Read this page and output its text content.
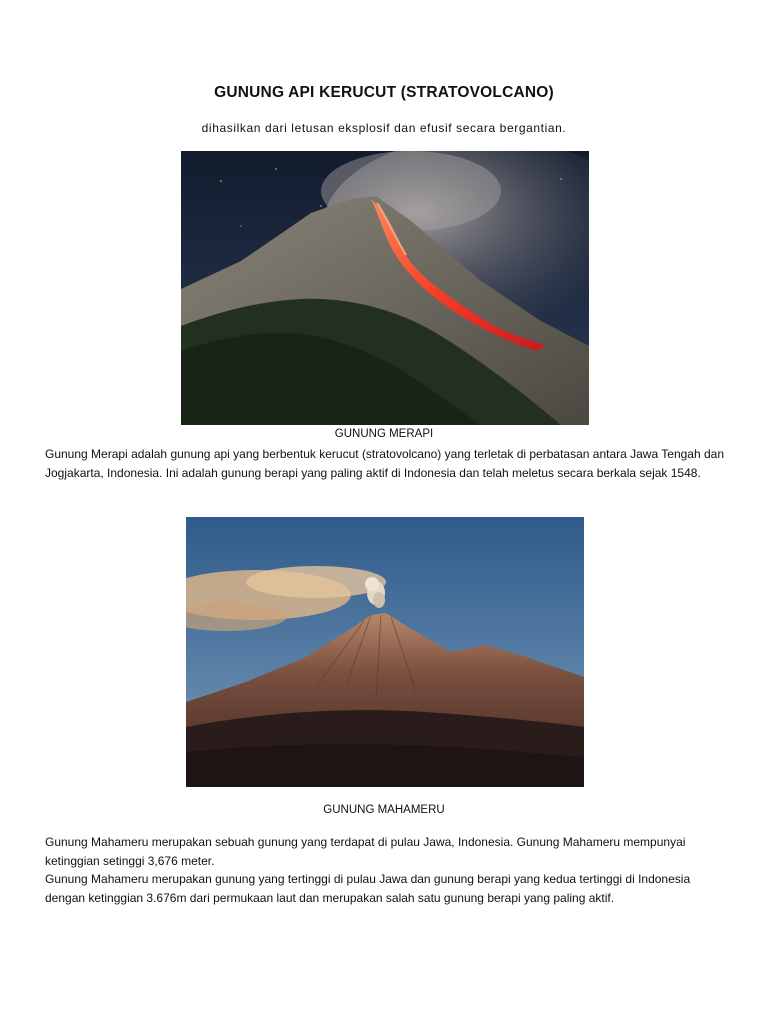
GUNUNG API KERUCUT (STRATOVOLCANO)
dihasilkan dari letusan eksplosif dan efusif secara bergantian.
GUNUNG MERAPI
Gunung Merapi adalah gunung api yang berbentuk kerucut (stratovolcano) yang terletak di perbatasan antara Jawa Tengah dan Jogjakarta, Indonesia. Ini adalah gunung berapi yang paling aktif di Indonesia dan telah meletus secara berkala sejak 1548.
GUNUNG MAHAMERU
Gunung Mahameru merupakan sebuah gunung yang terdapat di pulau Jawa, Indonesia. Gunung Mahameru mempunyai ketinggian setinggi 3,676 meter.
Gunung Mahameru merupakan gunung yang tertinggi di pulau Jawa dan gunung berapi yang kedua tertinggi di Indonesia dengan ketinggian 3.676m dari permukaan laut dan merupakan salah satu gunung berapi yang paling aktif.
